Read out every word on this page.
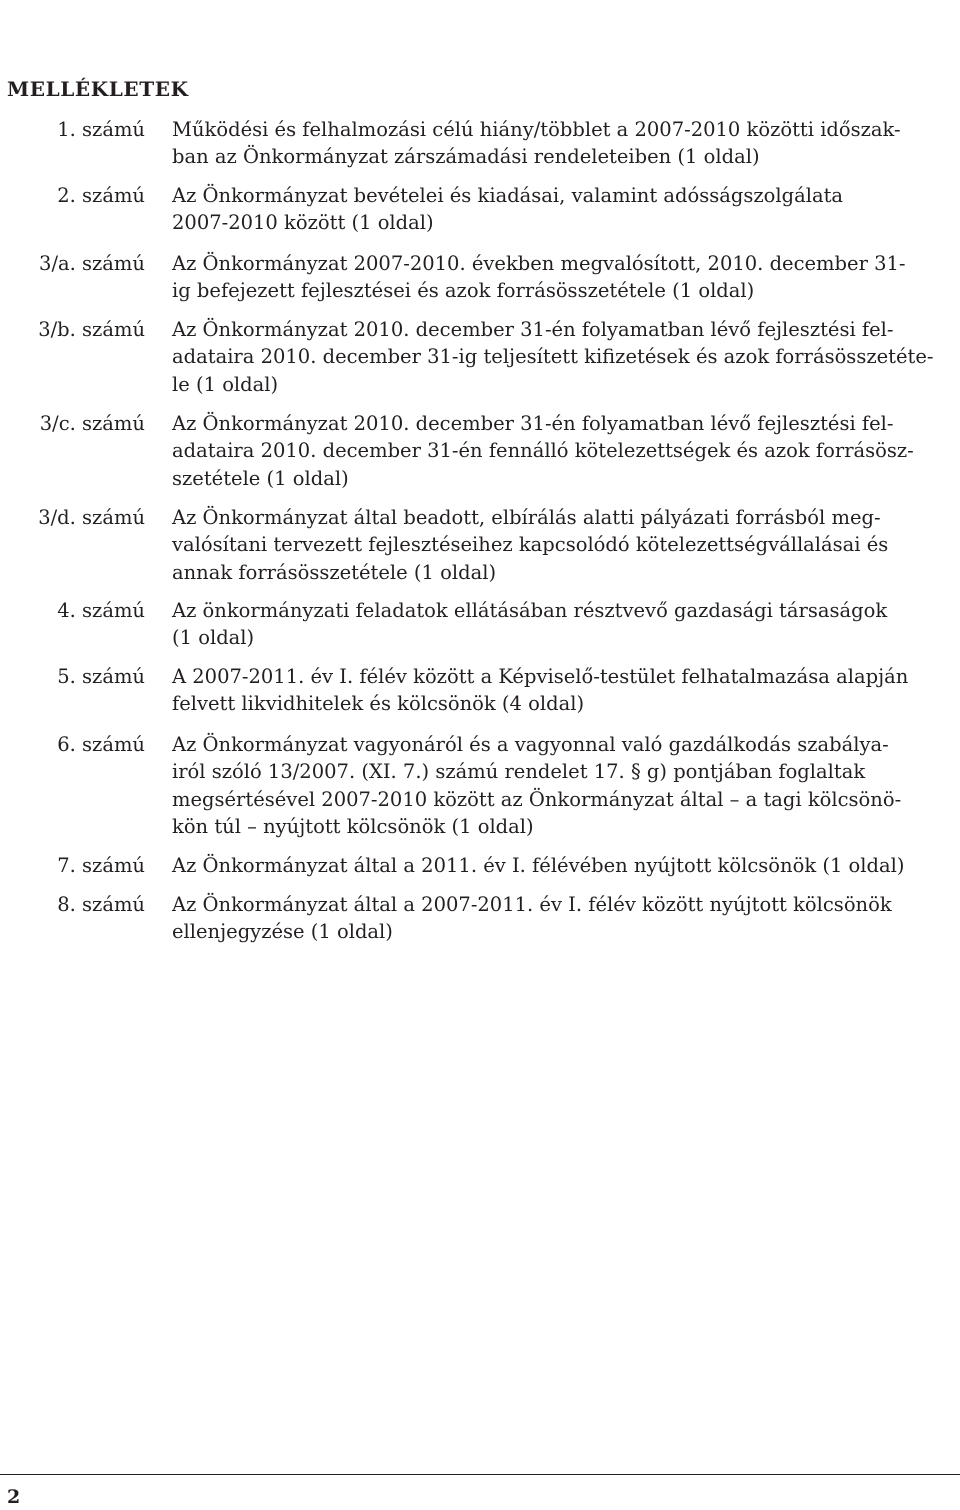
MELLÉKLETEK
1. számú Működési és felhalmozási célú hiány/többlet a 2007-2010 közötti időszak-
ban az Önkormányzat zárszámadási rendeleteiben (1 oldal)
2. számú Az Önkormányzat bevételei és kiadásai, valamint adósságszolgálata
2007-2010 között (1 oldal)
3/a. számú Az Önkormányzat 2007-2010. években megvalósított, 2010. december 31-
ig befejezett fejlesztései és azok forrásösszetétele (1 oldal)
3/b. számú Az Önkormányzat 2010. december 31-én folyamatban lévő fejlesztési fel-
adataira 2010. december 31-ig teljesített kifizetések és azok forrásösszetéte-
le (1 oldal)
3/c. számú Az Önkormányzat 2010. december 31-én folyamatban lévő fejlesztési fel-
adataira 2010. december 31-én fennálló kötelezettségek és azok forrásösz-
szetétele (1 oldal)
3/d. számú Az Önkormányzat által beadott, elbírálás alatti pályázati forrásból meg-
valósítani tervezett fejlesztéseihez kapcsolódó kötelezettségvállalásai és
annak forrásösszetétele (1 oldal)
4. számú Az önkormányzati feladatok ellátásában résztvevő gazdasági társaságok
(1 oldal)
5. számú A 2007-2011. év I. félév között a Képviselő-testület felhatalmazása alapján
felvett likvidhitelek és kölcsönök (4 oldal)
6. számú Az Önkormányzat vagyonáról és a vagyonnal való gazdálkodás szabálya-
iról szóló 13/2007. (XI. 7.) számú rendelet 17. § g) pontjában foglaltak
megsértésével 2007-2010 között az Önkormányzat által – a tagi kölcsönö-
kön túl – nyújtott kölcsönök (1 oldal)
7. számú Az Önkormányzat által a 2011. év I. félévében nyújtott kölcsönök (1 oldal)
8. számú Az Önkormányzat által a 2007-2011. év I. félév között nyújtott kölcsönök
ellenjegyzése (1 oldal)
2
